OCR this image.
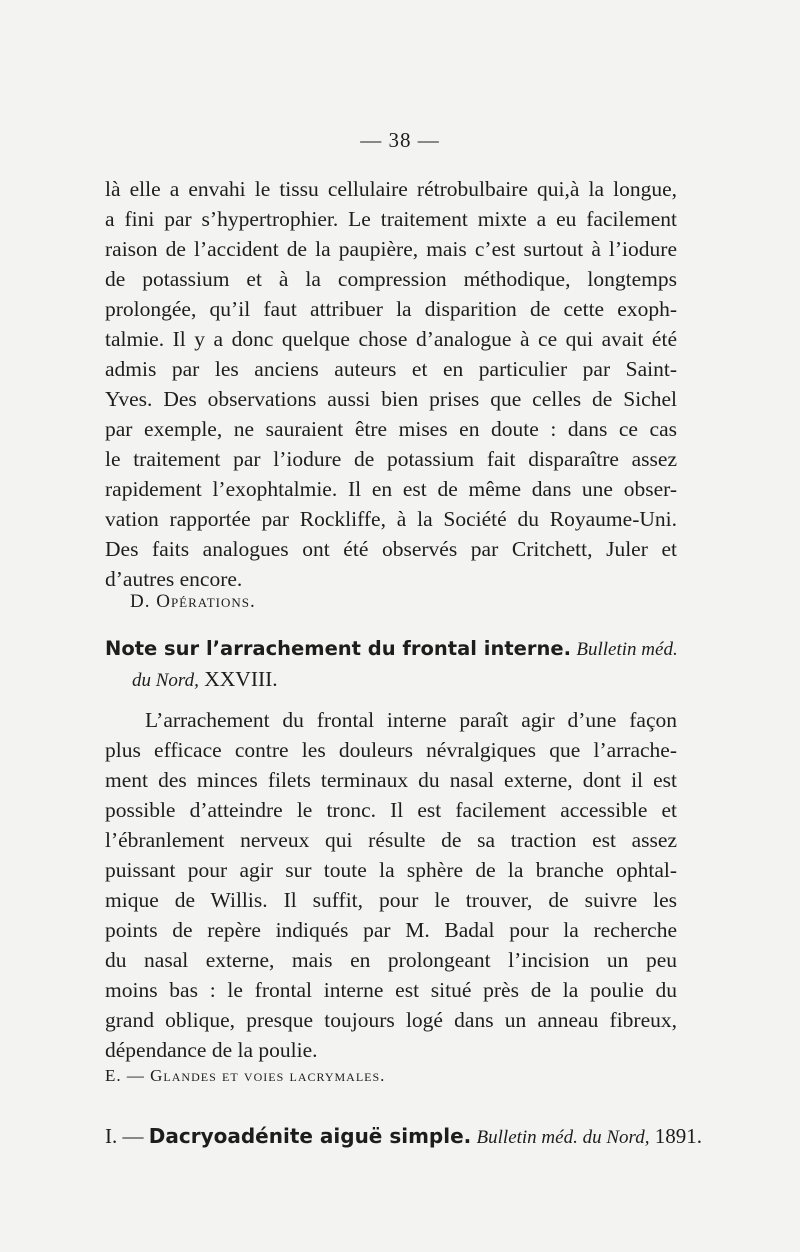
— 38 —
là elle a envahi le tissu cellulaire rétrobulbaire qui,à la longue,
a fini par s’hypertrophier. Le traitement mixte a eu facilement
raison de l’accident de la paupière, mais c’est surtout à l’iodure
de potassium et à la compression méthodique, longtemps
prolongée, qu’il faut attribuer la disparition de cette exoph-
talmie. Il y a donc quelque chose d’analogue à ce qui avait été
admis par les anciens auteurs et en particulier par Saint-
Yves. Des observations aussi bien prises que celles de Sichel
par exemple, ne sauraient être mises en doute : dans ce cas
le traitement par l’iodure de potassium fait disparaître assez
rapidement l’exophtalmie. Il en est de même dans une obser-
vation rapportée par Rockliffe, à la Société du Royaume-Uni.
Des faits analogues ont été observés par Critchett, Juler et
d’autres encore.
D. Opérations.
Note sur l’arrachement du frontal interne. Bulletin méd.
du Nord, XXVIII.
L’arrachement du frontal interne paraît agir d’une façon
plus efficace contre les douleurs névralgiques que l’arrache-
ment des minces filets terminaux du nasal externe, dont il est
possible d’atteindre le tronc. Il est facilement accessible et
l’ébranlement nerveux qui résulte de sa traction est assez
puissant pour agir sur toute la sphère de la branche ophtal-
mique de Willis. Il suffit, pour le trouver, de suivre les
points de repère indiqués par M. Badal pour la recherche
du nasal externe, mais en prolongeant l’incision un peu
moins bas : le frontal interne est situé près de la poulie du
grand oblique, presque toujours logé dans un anneau fibreux,
dépendance de la poulie.
E. — Glandes et voies lacrymales.
I. — Dacryoadénite aiguë simple. Bulletin méd. du Nord, 1891.
